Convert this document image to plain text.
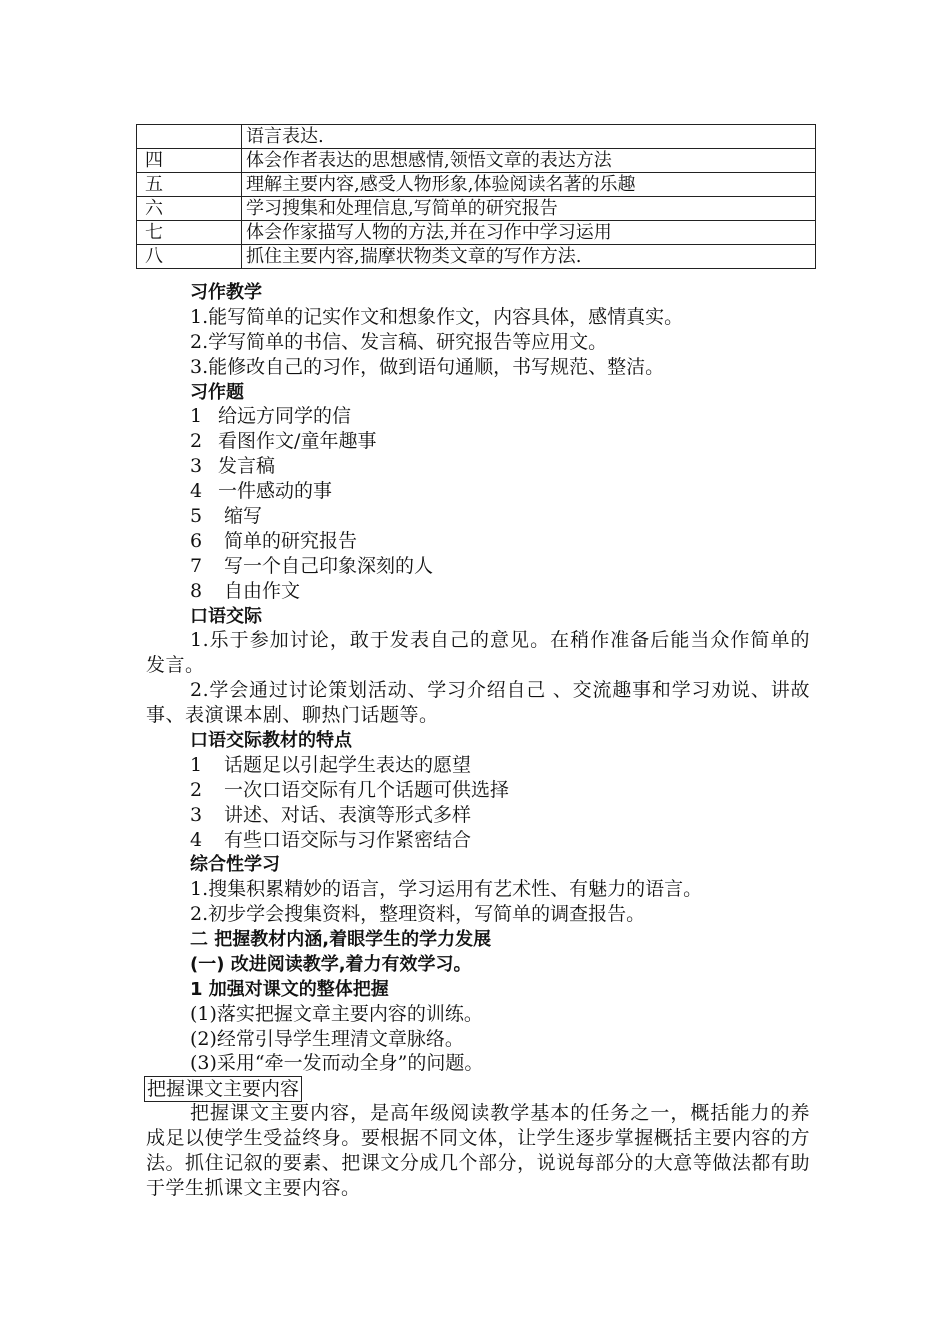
	语言表达.
四	体会作者表达的思想感情,领悟文章的表达方法
五	理解主要内容,感受人物形象,体验阅读名著的乐趣
六	学习搜集和处理信息,写简单的研究报告
七	体会作家描写人物的方法,并在习作中学习运用
八	抓住主要内容,揣摩状物类文章的写作方法.
习作教学
1.能写简单的记实作文和想象作文，内容具体，感情真实。
2.学写简单的书信、发言稿、研究报告等应用文。
3.能修改自己的习作，做到语句通顺，书写规范、整洁。
习作题
1 给远方同学的信
2 看图作文/童年趣事
3 发言稿
4 一件感动的事
5 缩写
6 简单的研究报告
7 写一个自己印象深刻的人
8 自由作文
口语交际
1.乐于参加讨论，敢于发表自己的意见。在稍作准备后能当众作简单的发言。
2.学会通过讨论策划活动、学习介绍自己 、交流趣事和学习劝说、讲故事、表演课本剧、聊热门话题等。
口语交际教材的特点
1 话题足以引起学生表达的愿望
2 一次口语交际有几个话题可供选择
3 讲述、对话、表演等形式多样
4 有些口语交际与习作紧密结合
综合性学习
1.搜集积累精妙的语言，学习运用有艺术性、有魅力的语言。
2.初步学会搜集资料，整理资料，写简单的调查报告。
二 把握教材内涵,着眼学生的学力发展
(一) 改进阅读教学,着力有效学习。
1 加强对课文的整体把握
(1)落实把握文章主要内容的训练。
(2)经常引导学生理清文章脉络。
(3)采用“牵一发而动全身”的问题。
把握课文主要内容
把握课文主要内容，是高年级阅读教学基本的任务之一，概括能力的养成足以使学生受益终身。要根据不同文体，让学生逐步掌握概括主要内容的方法。抓住记叙的要素、把课文分成几个部分，说说每部分的大意等做法都有助于学生抓课文主要内容。
